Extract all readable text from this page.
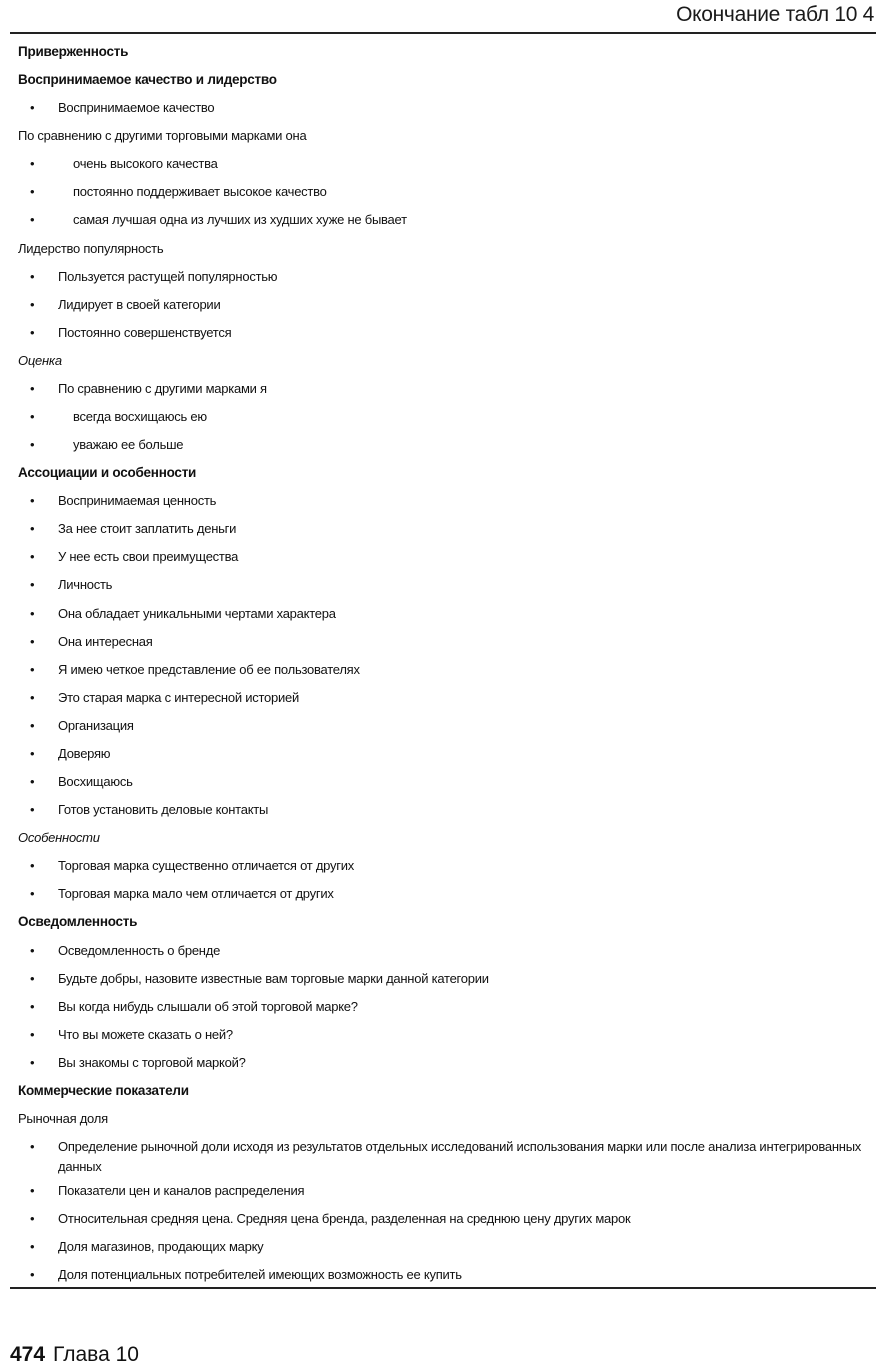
Окончание табл 10 4
Приверженность
Воспринимаемое качество и лидерство
• Воспринимаемое качество
По сравнению с другими торговыми марками она
•	очень высокого качества
•	постоянно поддерживает высокое качество
•	самая лучшая одна из лучших из худших хуже не бывает
Лидерство популярность
• Пользуется растущей популярностью
• Лидирует в своей категории
• Постоянно совершенствуется
Оценка
• По сравнению с другими марками я
•	всегда восхищаюсь ею
•	уважаю ее больше
Ассоциации и особенности
• Воспринимаемая ценность
• За нее стоит заплатить деньги
• У нее есть свои преимущества
• Личность
• Она обладает уникальными чертами характера
• Она интересная
• Я имею четкое представление об ее пользователях
• Это старая марка с интересной историей
• Организация
• Доверяю
• Восхищаюсь
• Готов установить деловые контакты
Особенности
• Торговая марка существенно отличается от других
• Торговая марка мало чем отличается от других
Осведомленность
• Осведомленность о бренде
• Будьте добры, назовите известные вам торговые марки данной категории
• Вы когда нибудь слышали об этой торговой марке?
• Что вы можете сказать о ней?
• Вы знакомы с торговой маркой?
Коммерческие показатели
Рыночная доля
• Определение рыночной доли исходя из результатов отдельных исследований использования марки или после анализа интегрированных данных
• Показатели цен и каналов распределения
• Относительная средняя цена. Средняя цена бренда, разделенная на среднюю цену других марок
• Доля магазинов, продающих марку
• Доля потенциальных потребителей имеющих возможность ее купить
474 Глава 10
